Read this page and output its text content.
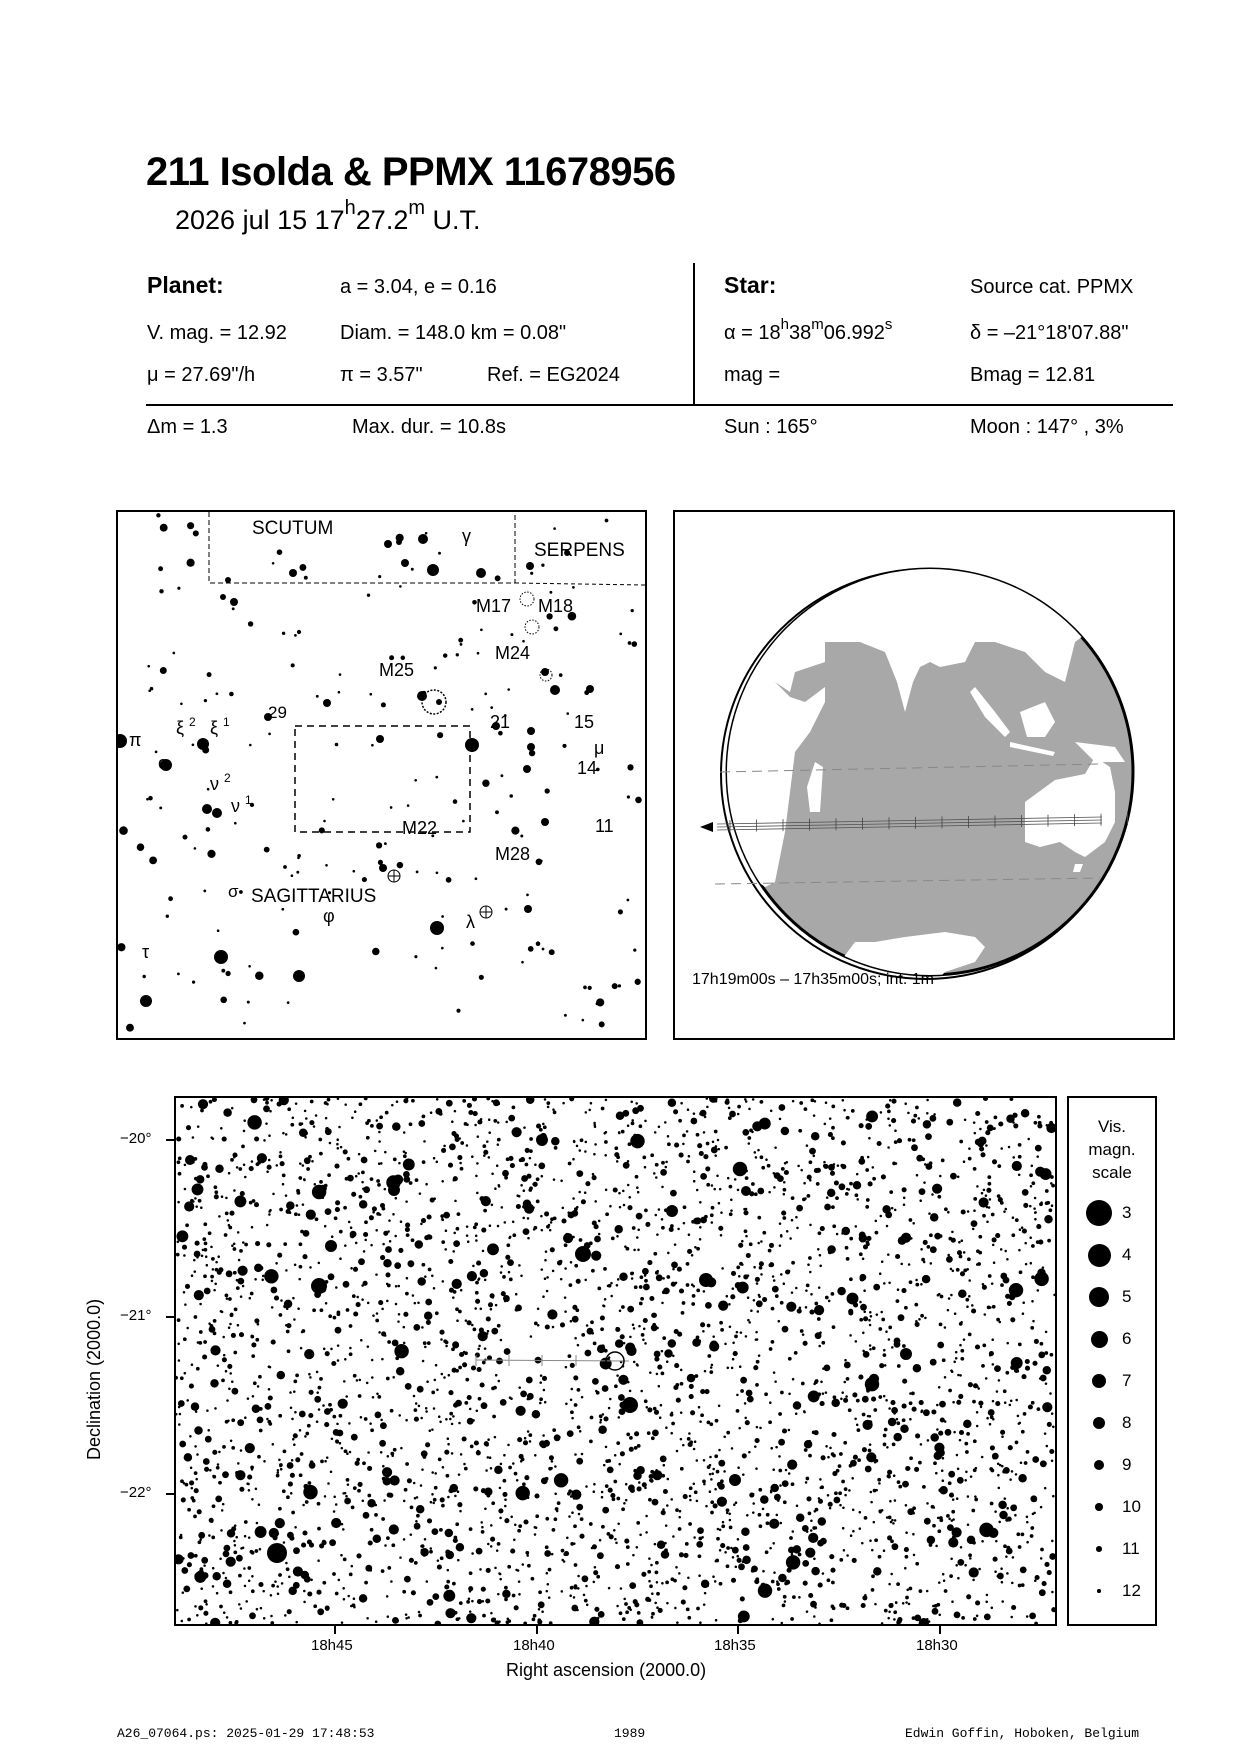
211 Isolda & PPMX 11678956
2026 jul 15 17$^h$27.2$^m$ U.T.
Planet:	a = 3.04, e = 0.16
V. mag. = 12.92	Diam. = 148.0 km = 0.08"
μ = 27.69"/h	π = 3.57"	Ref. = EG2024
Star:	Source cat. PPMX
$\alpha = 18^h38^m06.992^s$	δ = –21°18'07.88"
mag =	Bmag = 12.81
Δm = 1.3	Max. dur. = 10.8s	Sun : 165°	Moon : 147° , 3%
SCUTUM
SERPENS
SAGITTARIUS
M17 M18
M24
M25
M22
M28
γ
29	21	15
μ
14
11
π
ξ 2 ξ 1
o
ν 2
ν 1
λ
σ
φ
τ
17h19m00s – 17h35m00s; int. 1m
Declination (2000.0)
−20°
−21°
−22°
18h45	18h40	18h35	18h30
Right ascension (2000.0)
Vis.
magn.
scale
3
4
5
6
7
8
9
10
11
12
A26_07064.ps: 2025-01-29 17:48:53	1989	Edwin Goffin, Hoboken, Belgium
